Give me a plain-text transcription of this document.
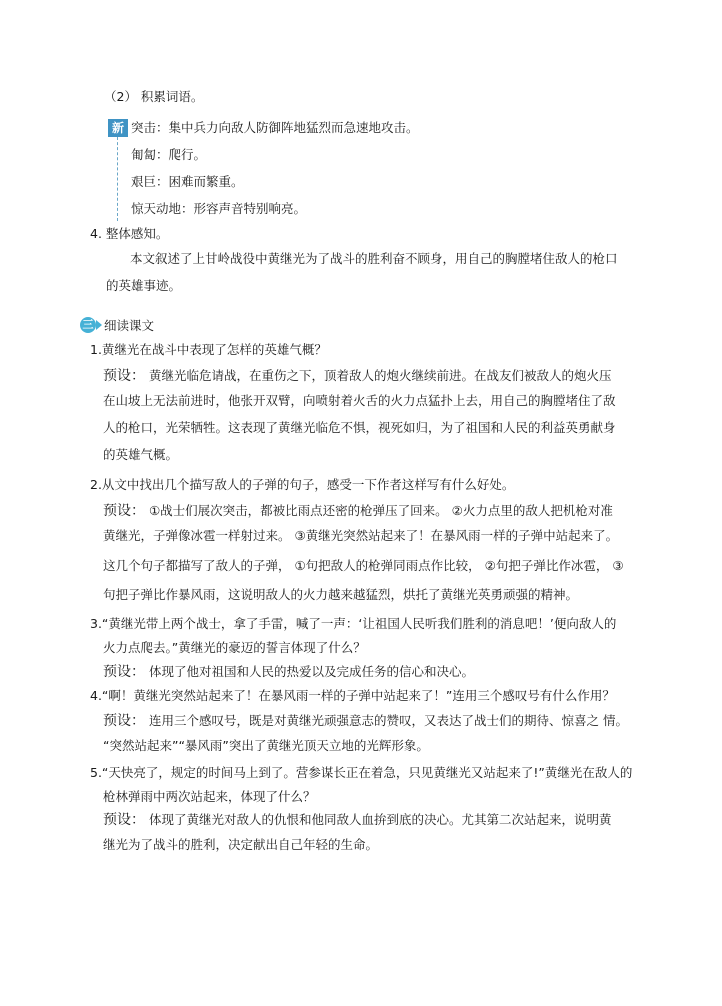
（2） 积累词语。
新 突击：集中兵力向敌人防御阵地猛烈而急速地攻击。
匍匐：爬行。
艰巨：困难而繁重。
惊天动地：形容声音特别响亮。
4. 整体感知。
本文叙述了上甘岭战役中黄继光为了战斗的胜利奋不顾身，用自己的胸膛堵住敌人的枪口
的英雄事迹。
三 细读课文
1.黄继光在战斗中表现了怎样的英雄气概？
预设： 黄继光临危请战，在重伤之下，顶着敌人的炮火继续前进。在战友们被敌人的炮火压
在山坡上无法前进时，他张开双臂，向喷射着火舌的火力点猛扑上去，用自己的胸膛堵住了敌
人的枪口，光荣牺牲。这表现了黄继光临危不惧，视死如归，为了祖国和人民的利益英勇献身
的英雄气概。
2.从文中找出几个描写敌人的子弹的句子，感受一下作者这样写有什么好处。
预设： ①战士们展次突击，都被比雨点还密的枪弹压了回来。 ②火力点里的敌人把机枪对准
黄继光，子弹像冰雹一样射过来。 ③黄继光突然站起来了！在暴风雨一样的子弹中站起来了。
这几个句子都描写了敌人的子弹， ①句把敌人的枪弹同雨点作比较， ②句把子弹比作冰雹， ③
句把子弹比作暴风雨，这说明敌人的火力越来越猛烈，烘托了黄继光英勇顽强的精神。
3.“黄继光带上两个战士，拿了手雷，喊了一声：‘让祖国人民听我们胜利的消息吧！’便向敌人的
火力点爬去。”黄继光的豪迈的誓言体现了什么？
预设： 体现了他对祖国和人民的热爱以及完成任务的信心和决心。
4.“啊！黄继光突然站起来了！在暴风雨一样的子弹中站起来了！”连用三个感叹号有什么作用？
预设： 连用三个感叹号，既是对黄继光顽强意志的赞叹，又表达了战士们的期待、惊喜之 情。
“突然站起来”“暴风雨”突出了黄继光顶天立地的光辉形象。
5.“天快亮了，规定的时间马上到了。营参谋长正在着急，只见黄继光又站起来了!”黄继光在敌人的
枪林弹雨中两次站起来，体现了什么？
预设： 体现了黄继光对敌人的仇恨和他同敌人血拚到底的决心。尤其第二次站起来，说明黄
继光为了战斗的胜利，决定献出自己年轻的生命。
